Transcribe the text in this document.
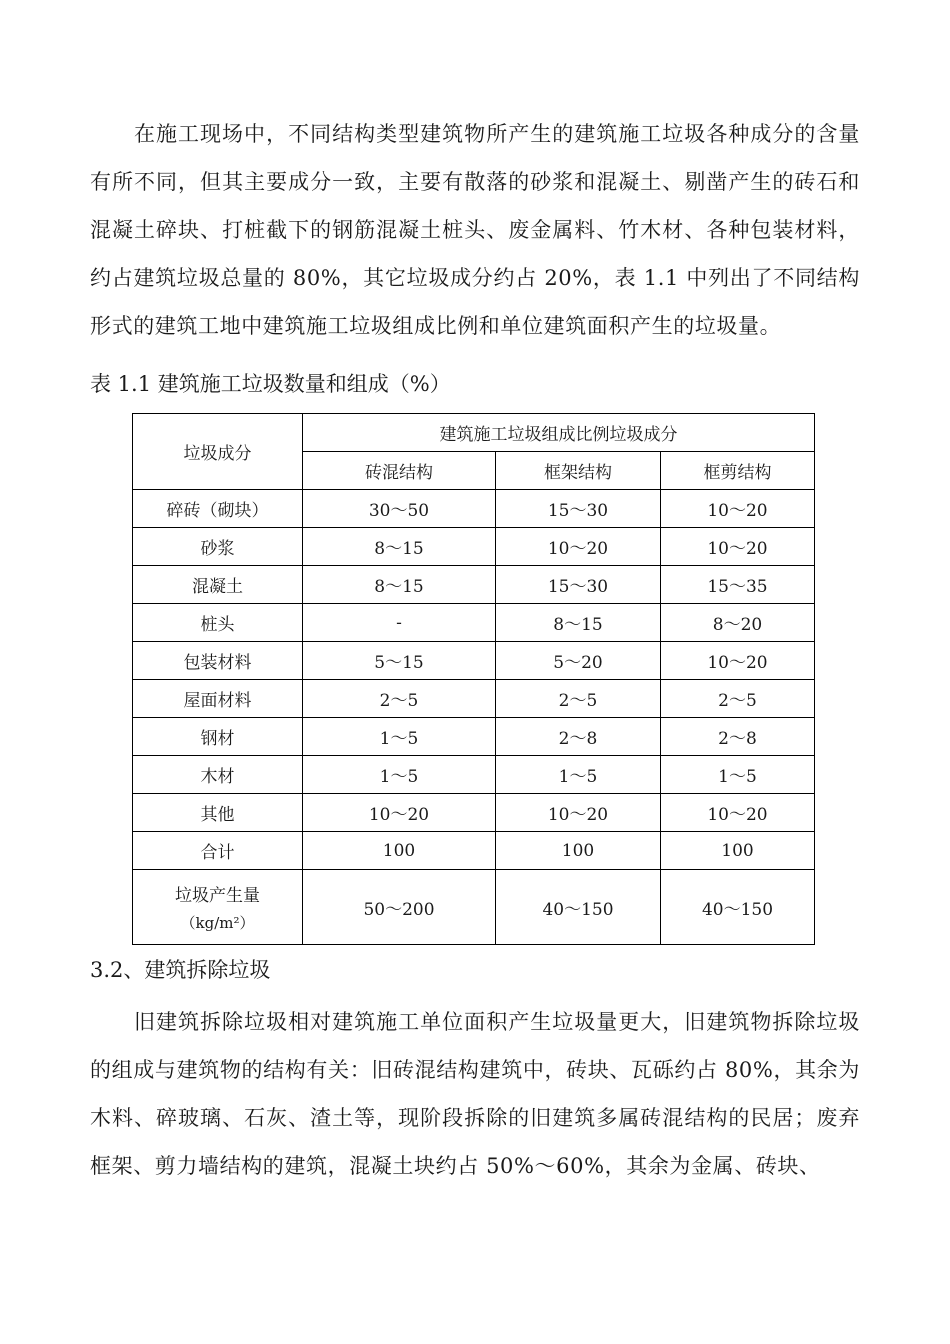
在施工现场中，不同结构类型建筑物所产生的建筑施工垃圾各种成分的含量有所不同，但其主要成分一致，主要有散落的砂浆和混凝土、剔凿产生的砖石和混凝土碎块、打桩截下的钢筋混凝土桩头、废金属料、竹木材、各种包装材料，约占建筑垃圾总量的 80%，其它垃圾成分约占 20%，表 1.1 中列出了不同结构形式的建筑工地中建筑施工垃圾组成比例和单位建筑面积产生的垃圾量。

表 1.1 建筑施工垃圾数量和组成（%）

垃圾成分	建筑施工垃圾组成比例垃圾成分		
	砖混结构	框架结构	框剪结构
碎砖（砌块）	30～50	15～30	10～20
砂浆	8～15	10～20	10～20
混凝土	8～15	15～30	15～35
桩头	-	8～15	8～20
包装材料	5～15	5～20	10～20
屋面材料	2～5	2～5	2～5
钢材	1～5	2～8	2～8
木材	1～5	1～5	1～5
其他	10～20	10～20	10～20
合计	100	100	100
垃圾产生量
（kg/m²）	50～200	40～150	40～150

3.2、建筑拆除垃圾

旧建筑拆除垃圾相对建筑施工单位面积产生垃圾量更大，旧建筑物拆除垃圾的组成与建筑物的结构有关：旧砖混结构建筑中，砖块、瓦砾约占 80%，其余为木料、碎玻璃、石灰、渣土等，现阶段拆除的旧建筑多属砖混结构的民居；废弃框架、剪力墙结构的建筑，混凝土块约占 50%～60%，其余为金属、砖块、
